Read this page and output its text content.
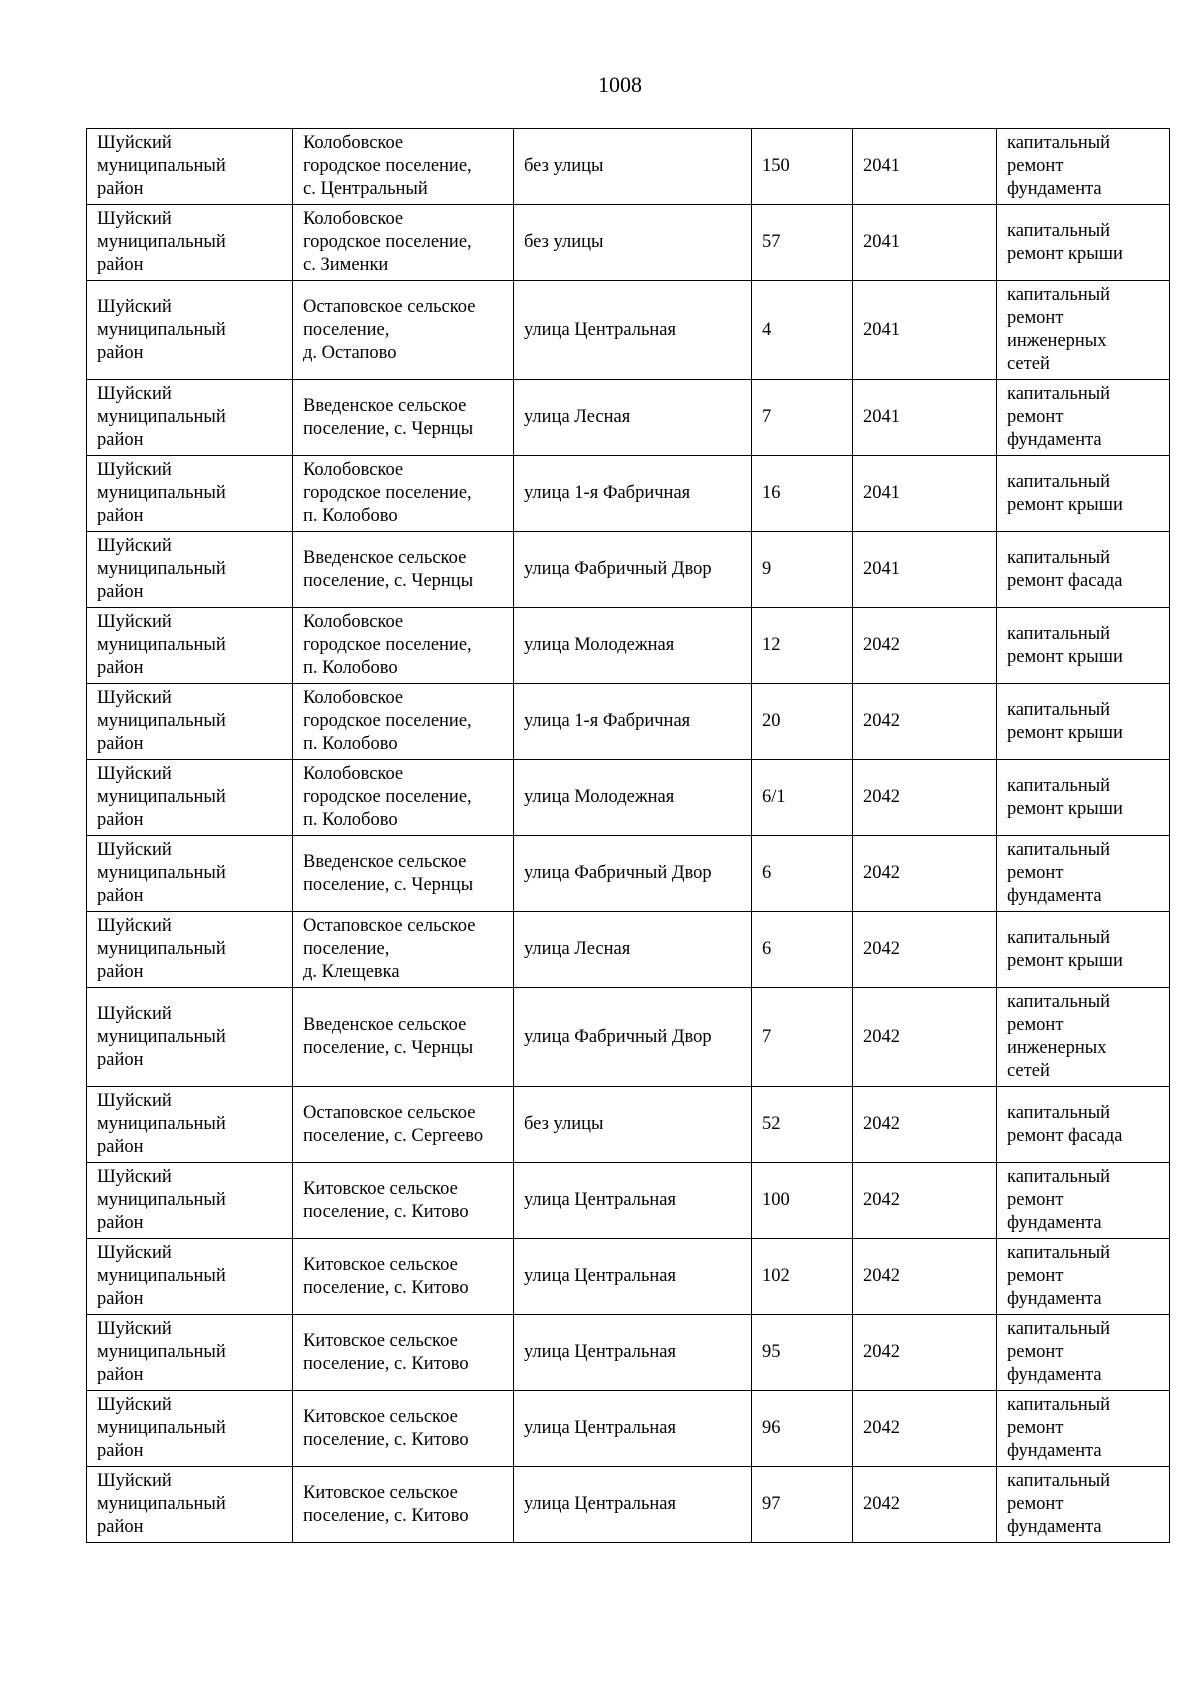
1008
Шуйский
муниципальный
район	Колобовское
городское поселение,
с. Центральный	без улицы	150	2041	капитальный
ремонт
фундамента
Шуйский
муниципальный
район	Колобовское
городское поселение,
с. Зименки	без улицы	57	2041	капитальный
ремонт крыши
Шуйский
муниципальный
район	Остаповское сельское
поселение,
д. Остапово	улица Центральная	4	2041	капитальный
ремонт
инженерных
сетей
Шуйский
муниципальный
район	Введенское сельское
поселение, с. Чернцы	улица Лесная	7	2041	капитальный
ремонт
фундамента
Шуйский
муниципальный
район	Колобовское
городское поселение,
п. Колобово	улица 1-я Фабричная	16	2041	капитальный
ремонт крыши
Шуйский
муниципальный
район	Введенское сельское
поселение, с. Чернцы	улица Фабричный Двор	9	2041	капитальный
ремонт фасада
Шуйский
муниципальный
район	Колобовское
городское поселение,
п. Колобово	улица Молодежная	12	2042	капитальный
ремонт крыши
Шуйский
муниципальный
район	Колобовское
городское поселение,
п. Колобово	улица 1-я Фабричная	20	2042	капитальный
ремонт крыши
Шуйский
муниципальный
район	Колобовское
городское поселение,
п. Колобово	улица Молодежная	6/1	2042	капитальный
ремонт крыши
Шуйский
муниципальный
район	Введенское сельское
поселение, с. Чернцы	улица Фабричный Двор	6	2042	капитальный
ремонт
фундамента
Шуйский
муниципальный
район	Остаповское сельское
поселение,
д. Клещевка	улица Лесная	6	2042	капитальный
ремонт крыши
Шуйский
муниципальный
район	Введенское сельское
поселение, с. Чернцы	улица Фабричный Двор	7	2042	капитальный
ремонт
инженерных
сетей
Шуйский
муниципальный
район	Остаповское сельское
поселение, с. Сергеево	без улицы	52	2042	капитальный
ремонт фасада
Шуйский
муниципальный
район	Китовское сельское
поселение, с. Китово	улица Центральная	100	2042	капитальный
ремонт
фундамента
Шуйский
муниципальный
район	Китовское сельское
поселение, с. Китово	улица Центральная	102	2042	капитальный
ремонт
фундамента
Шуйский
муниципальный
район	Китовское сельское
поселение, с. Китово	улица Центральная	95	2042	капитальный
ремонт
фундамента
Шуйский
муниципальный
район	Китовское сельское
поселение, с. Китово	улица Центральная	96	2042	капитальный
ремонт
фундамента
Шуйский
муниципальный
район	Китовское сельское
поселение, с. Китово	улица Центральная	97	2042	капитальный
ремонт
фундамента
